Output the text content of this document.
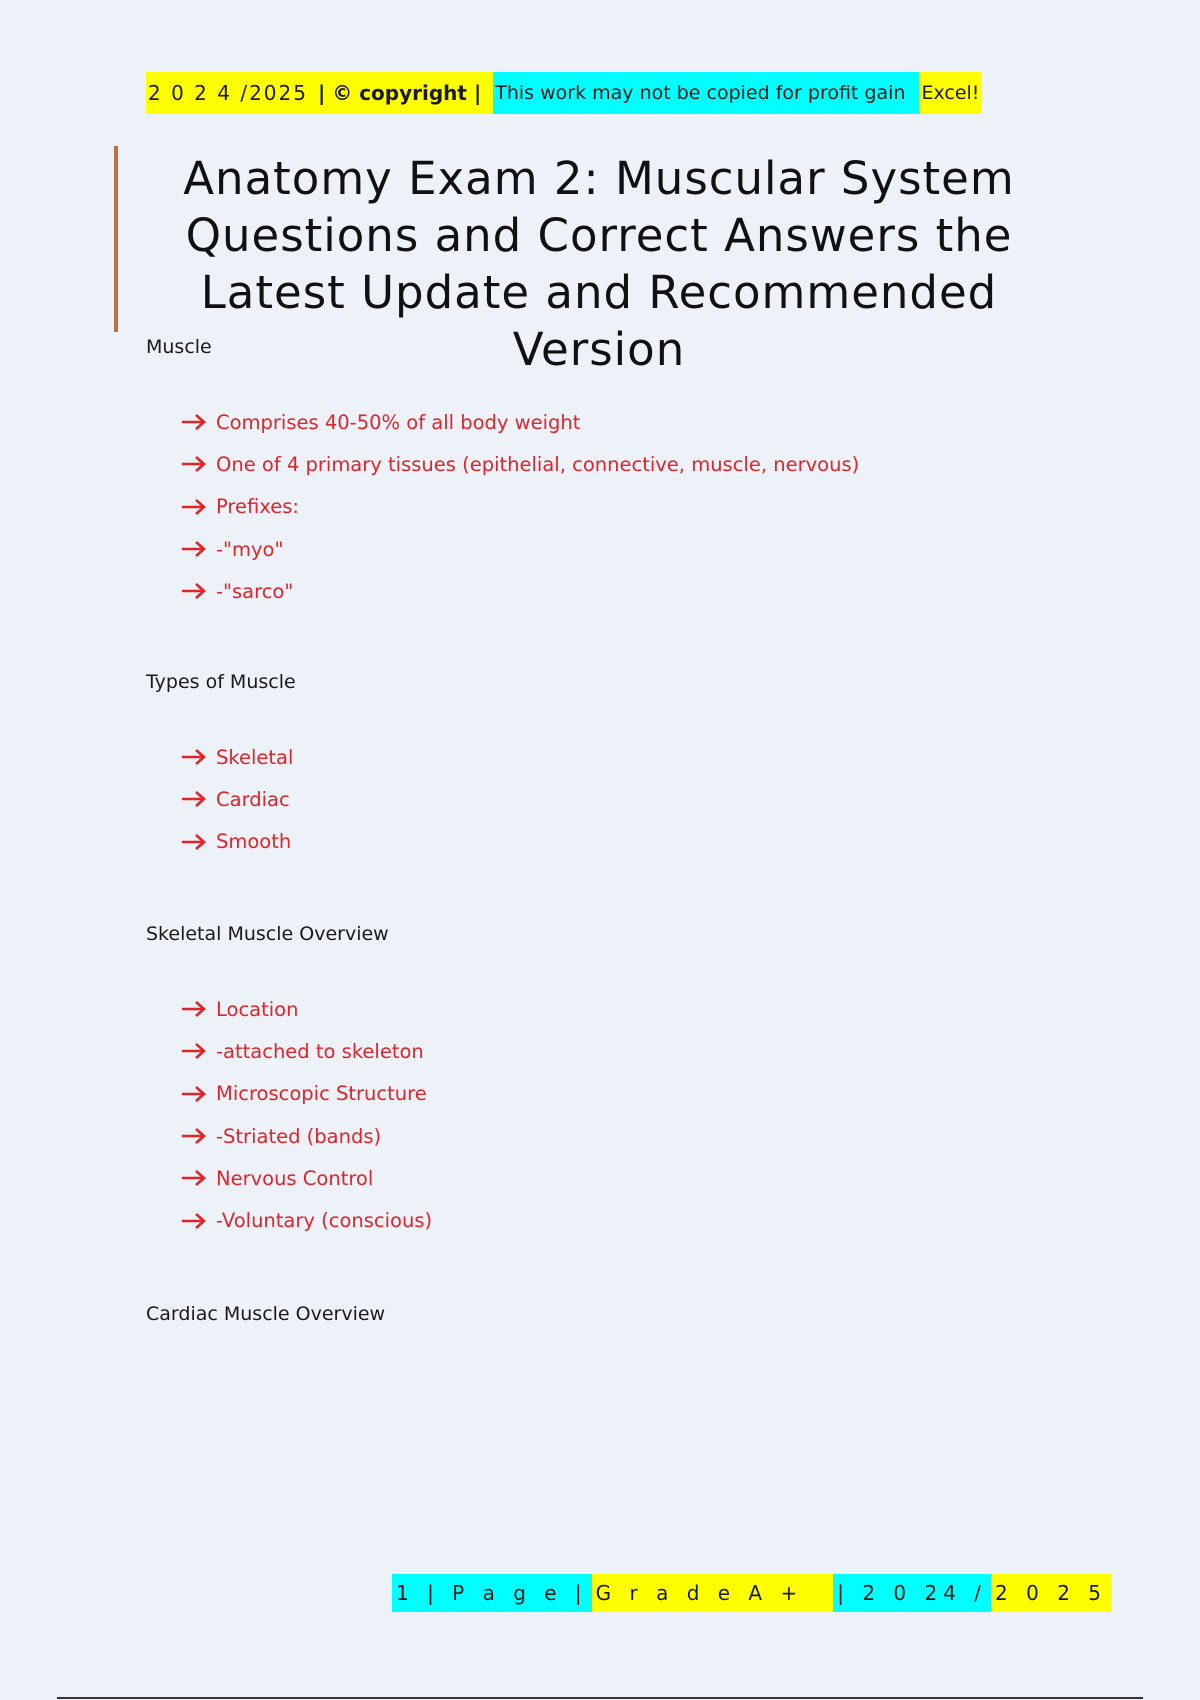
2 0 2 4 /2025 | © copyright | This work may not be copied for profit gain Excel!
Anatomy Exam 2: Muscular System Questions and Correct Answers the Latest Update and Recommended Version
Muscle
Comprises 40-50% of all body weight
One of 4 primary tissues (epithelial, connective, muscle, nervous)
Prefixes:
-"myo"
-"sarco"
Types of Muscle
Skeletal
Cardiac
Smooth
Skeletal Muscle Overview
Location
-attached to skeleton
Microscopic Structure
-Striated (bands)
Nervous Control
-Voluntary (conscious)
Cardiac Muscle Overview
1 | P a g e | G r a d e A +	| 2 0 24 / 2 0 2 5
